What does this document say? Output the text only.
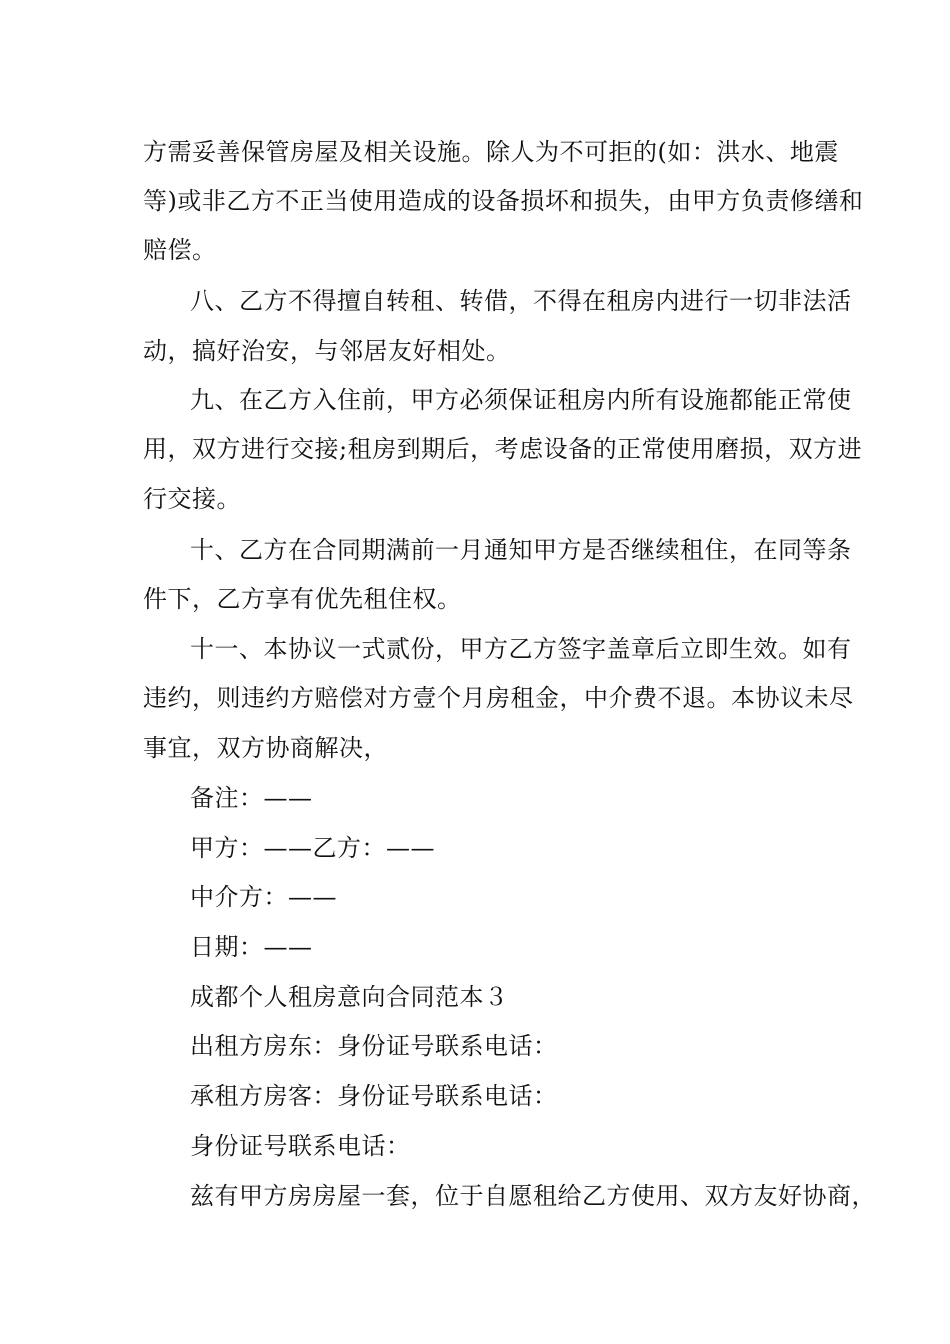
方需妥善保管房屋及相关设施。除人为不可拒的(如：洪水、地震
等)或非乙方不正当使用造成的设备损坏和损失，由甲方负责修缮和
赔偿。
八、乙方不得擅自转租、转借，不得在租房内进行一切非法活
动，搞好治安，与邻居友好相处。
九、在乙方入住前，甲方必须保证租房内所有设施都能正常使
用，双方进行交接;租房到期后，考虑设备的正常使用磨损，双方进
行交接。
十、乙方在合同期满前一月通知甲方是否继续租住，在同等条
件下，乙方享有优先租住权。
十一、本协议一式贰份，甲方乙方签字盖章后立即生效。如有
违约，则违约方赔偿对方壹个月房租金，中介费不退。本协议未尽
事宜，双方协商解决，
备注：——
甲方：——乙方：——
中介方：——
日期：——
成都个人租房意向合同范本３
出租方房东：身份证号联系电话：
承租方房客：身份证号联系电话：
身份证号联系电话：
兹有甲方房房屋一套，位于自愿租给乙方使用、双方友好协商，
